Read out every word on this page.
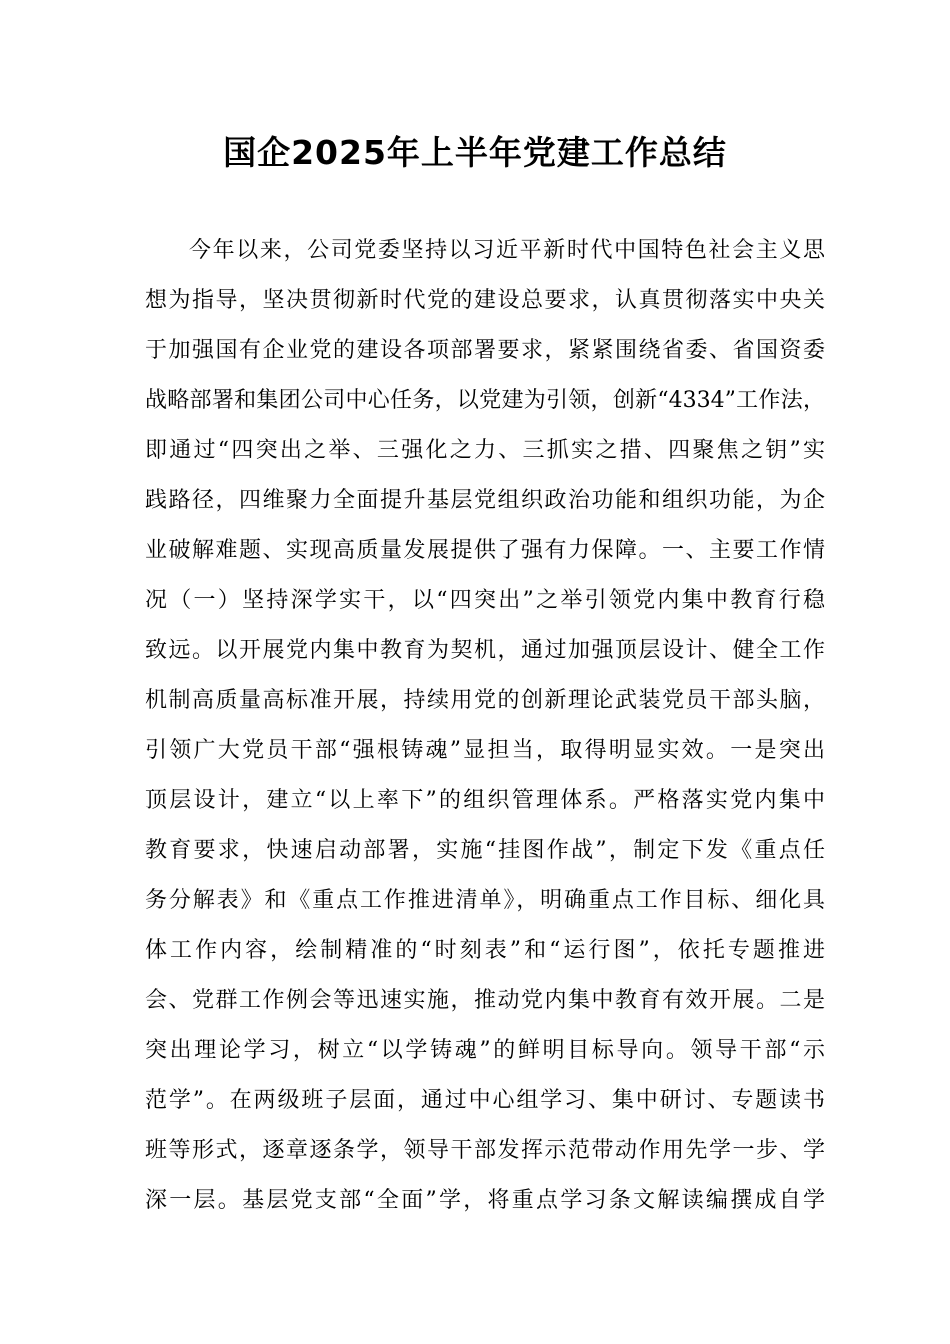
国企2025年上半年党建工作总结
今年以来，公司党委坚持以习近平新时代中国特色社会主义思
想为指导，坚决贯彻新时代党的建设总要求，认真贯彻落实中央关
于加强国有企业党的建设各项部署要求，紧紧围绕省委、省国资委
战略部署和集团公司中心任务，以党建为引领，创新“4334”工作法，
即通过“四突出之举、三强化之力、三抓实之措、四聚焦之钥”实
践路径，四维聚力全面提升基层党组织政治功能和组织功能，为企
业破解难题、实现高质量发展提供了强有力保障。一、主要工作情
况（一）坚持深学实干，以“四突出”之举引领党内集中教育行稳
致远。以开展党内集中教育为契机，通过加强顶层设计、健全工作
机制高质量高标准开展，持续用党的创新理论武装党员干部头脑，
引领广大党员干部“强根铸魂”显担当，取得明显实效。一是突出
顶层设计，建立“以上率下”的组织管理体系。严格落实党内集中
教育要求，快速启动部署，实施“挂图作战”，制定下发《重点任
务分解表》和《重点工作推进清单》，明确重点工作目标、细化具
体工作内容，绘制精准的“时刻表”和“运行图”，依托专题推进
会、党群工作例会等迅速实施，推动党内集中教育有效开展。二是
突出理论学习，树立“以学铸魂”的鲜明目标导向。领导干部“示
范学”。在两级班子层面，通过中心组学习、集中研讨、专题读书
班等形式，逐章逐条学，领导干部发挥示范带动作用先学一步、学
深一层。基层党支部“全面”学，将重点学习条文解读编撰成自学
